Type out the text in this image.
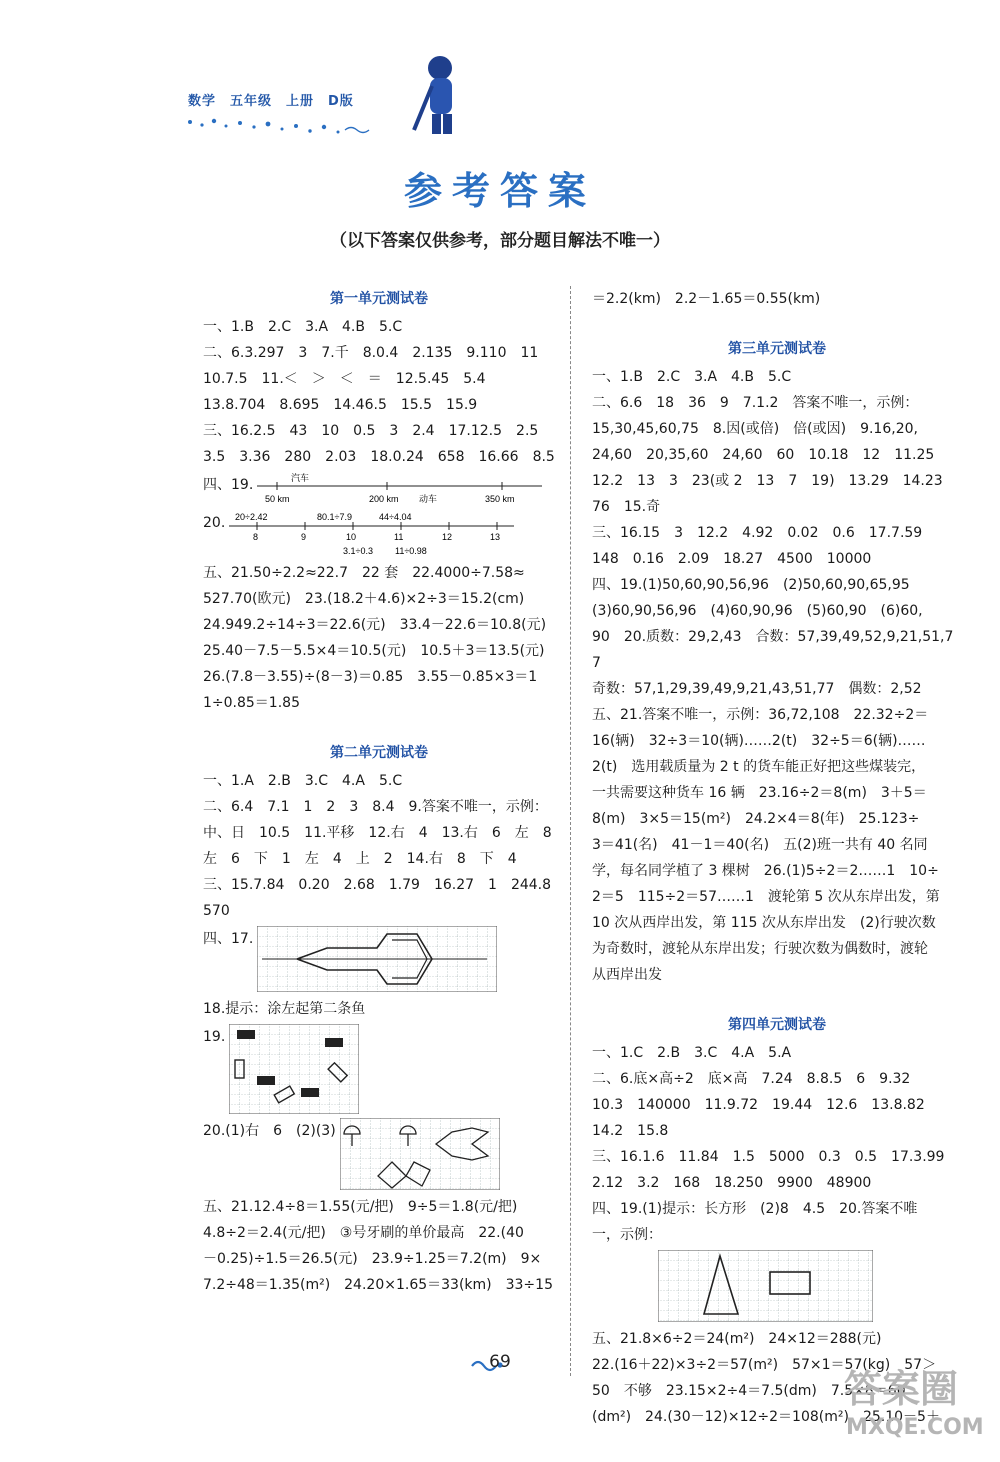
数学　五年级　上册　D版
参考答案
（以下答案仅供参考，部分题目解法不唯一）
第一单元测试卷
一、1.B　2.C　3.A　4.B　5.C
二、6.3.297　3　7.千　8.0.4̇　2.13̇5̇　9.110　11
10.7.5　11.＜　＞　＜　＝　12.5.4̇5̇　5.4
13.8.704　8.695　14.46.5　15.5　15.9
三、16.2.5　43　10　0.5　3　2.4　17.12.5　2.5
3.5　3.36　280　2.03　18.0.24　658　16.66　8.5
四、19.	汽车
50 km	200 km 动车	350 km
20. 20÷2.42	80.1÷7.9	44÷4.04
3.1÷0.3 11÷0.98
8	9	10	11	12	13
五、21.50÷2.2≈22.7　22 套　22.4000÷7.58≈
527.70(欧元)　23.(18.2＋4.6)×2÷3＝15.2(cm)
24.949.2÷14÷3＝22.6(元)　33.4－22.6＝10.8(元)
25.40－7.5－5.5×4＝10.5(元)　10.5＋3＝13.5(元)
26.(7.8－3.55)÷(8－3)＝0.85　3.55－0.85×3＝1
1÷0.85＝1.85
第二单元测试卷
一、1.A　2.B　3.C　4.A　5.C
二、6.4　7.1　1　2　3　8.4　9.答案不唯一，示例：
中、日　10.5　11.平移　12.右　4　13.右　6　左　8
左　6　下　1　左　4　上　2　14.右　8　下　4
三、15.7.84　0.20　2.68　1.79　16.27　1　244.8
570
四、17.
18.提示：涂左起第二条鱼
19.
20.(1)右　6　(2)(3)
五、21.12.4÷8＝1.55(元/把)　9÷5＝1.8(元/把)
4.8÷2＝2.4(元/把)　③号牙刷的单价最高　22.(40
－0.25)÷1.5＝26.5(元)　23.9÷1.25＝7.2(m)　9×
7.2÷48＝1.35(m²)　24.20×1.65＝33(km)　33÷15
＝2.2(km)　2.2－1.65＝0.55(km)
第三单元测试卷
一、1.B　2.C　3.A　4.B　5.C
二、6.6　18　36　9　7.1.2　答案不唯一，示例：
15,30,45,60,75　8.因(或倍)　倍(或因)　9.16,20,
24,60　20,35,60　24,60　60　10.18　12　11.25
12.2　13　3　23(或 2　13　7　19)　13.29　14.23
76　15.奇
三、16.15　3　12.2　4.92　0.02　0.6　17.7.59
148　0.16　2.09　18.27　4500　10000
四、19.(1)50,60,90,56,96　(2)50,60,90,65,95
(3)60,90,56,96　(4)60,90,96　(5)60,90　(6)60,
90　20.质数：29,2,43　合数：57,39,49,52,9,21,51,77
奇数：57,1,29,39,49,9,21,43,51,77　偶数：2,52
五、21.答案不唯一，示例：36,72,108　22.32÷2＝
16(辆)　32÷3＝10(辆)……2(t)　32÷5＝6(辆)……
2(t)　选用载质量为 2 t 的货车能正好把这些煤装完，
一共需要这种货车 16 辆　23.16÷2＝8(m)　3＋5＝
8(m)　3×5＝15(m²)　24.2×4＝8(年)　25.123÷
3＝41(名)　41－1＝40(名)　五(2)班一共有 40 名同
学，每名同学植了 3 棵树　26.(1)5÷2＝2……1　10÷
2＝5　115÷2＝57……1　渡轮第 5 次从东岸出发，第
10 次从西岸出发，第 115 次从东岸出发　(2)行驶次数
为奇数时，渡轮从东岸出发；行驶次数为偶数时，渡轮
从西岸出发
第四单元测试卷
一、1.C　2.B　3.C　4.A　5.A
二、6.底×高÷2　底×高　7.24　8.8.5　6　9.32
10.3　140000　11.9.72　19.44　12.6　13.8.82
14.2　15.8
三、16.1.6　11.84　1.5　5000　0.3　0.5　17.3.99
2.12　3.2　168　18.250　9900　48900
四、19.(1)提示：长方形　(2)8　4.5　20.答案不唯
一，示例：
五、21.8×6÷2＝24(m²)　24×12＝288(元)
22.(16＋22)×3÷2＝57(m²)　57×1＝57(kg)　57＞
50　不够　23.15×2÷4＝7.5(dm)　7.5×8＝60
(dm²)　24.(30－12)×12÷2＝108(m²)　25.10－5＋
69
答案圈
MXQE.COM
